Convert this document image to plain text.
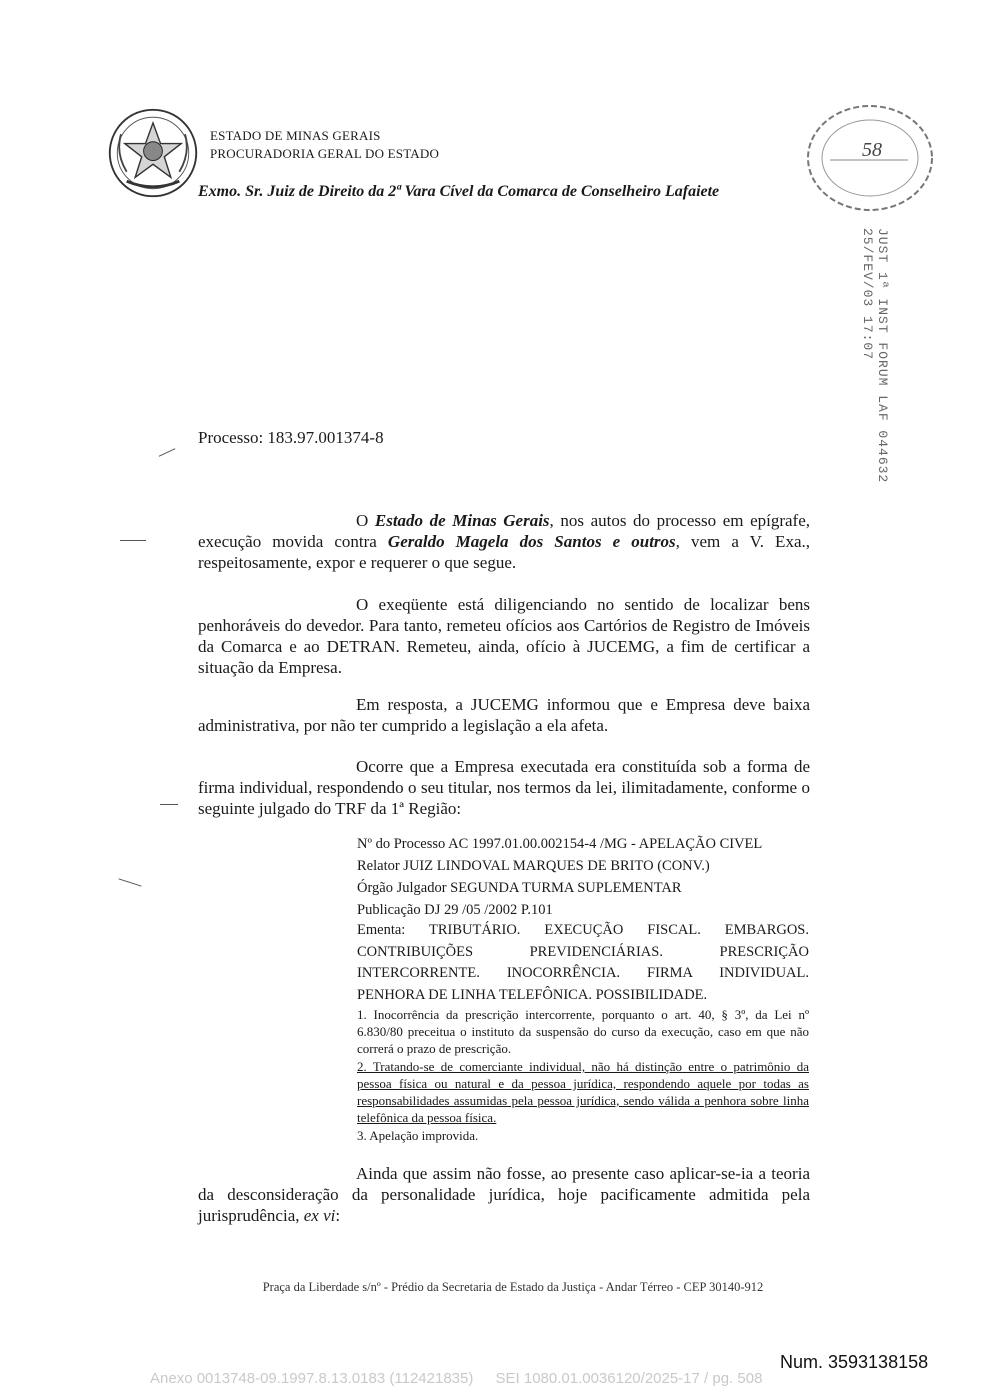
ESTADO DE MINAS GERAIS
PROCURADORIA GERAL DO ESTADO
Exmo. Sr. Juiz de Direito da 2ª Vara Cível da Comarca de Conselheiro Lafaiete
58
JUST 1ª INST FORUM LAF 044632 25/FEV/03 17:07
Processo: 183.97.001374-8
O Estado de Minas Gerais, nos autos do processo em epígrafe, execução movida contra Geraldo Magela dos Santos e outros, vem a V. Exa., respeitosamente, expor e requerer o que segue.
O exeqüente está diligenciando no sentido de localizar bens penhoráveis do devedor. Para tanto, remeteu ofícios aos Cartórios de Registro de Imóveis da Comarca e ao DETRAN. Remeteu, ainda, ofício à JUCEMG, a fim de certificar a situação da Empresa.
Em resposta, a JUCEMG informou que e Empresa deve baixa administrativa, por não ter cumprido a legislação a ela afeta.
Ocorre que a Empresa executada era constituída sob a forma de firma individual, respondendo o seu titular, nos termos da lei, ilimitadamente, conforme o seguinte julgado do TRF da 1ª Região:
Nº do Processo AC 1997.01.00.002154-4 /MG - APELAÇÃO CIVEL
Relator JUIZ LINDOVAL MARQUES DE BRITO (CONV.)
Órgão Julgador SEGUNDA TURMA SUPLEMENTAR
Publicação DJ 29 /05 /2002 P.101
Ementa: TRIBUTÁRIO. EXECUÇÃO FISCAL. EMBARGOS. CONTRIBUIÇÕES PREVIDENCIÁRIAS. PRESCRIÇÃO INTERCORRENTE. INOCORRÊNCIA. FIRMA INDIVIDUAL. PENHORA DE LINHA TELEFÔNICA. POSSIBILIDADE.
1. Inocorrência da prescrição intercorrente, porquanto o art. 40, § 3º, da Lei nº 6.830/80 preceitua o instituto da suspensão do curso da execução, caso em que não correrá o prazo de prescrição.
2. Tratando-se de comerciante individual, não há distinção entre o patrimônio da pessoa física ou natural e da pessoa jurídica, respondendo aquele por todas as responsabilidades assumidas pela pessoa jurídica, sendo válida a penhora sobre linha telefônica da pessoa física.
3. Apelação improvida.
Ainda que assim não fosse, ao presente caso aplicar-se-ia a teoria da desconsideração da personalidade jurídica, hoje pacificamente admitida pela jurisprudência, ex vi:
Praça da Liberdade s/nº - Prédio da Secretaria de Estado da Justiça - Andar Térreo - CEP 30140-912
Num. 3593138158
Anexo 0013748-09.1997.8.13.0183 (112421835) SEI 1080.01.0036120/2025-17 / pg. 508
